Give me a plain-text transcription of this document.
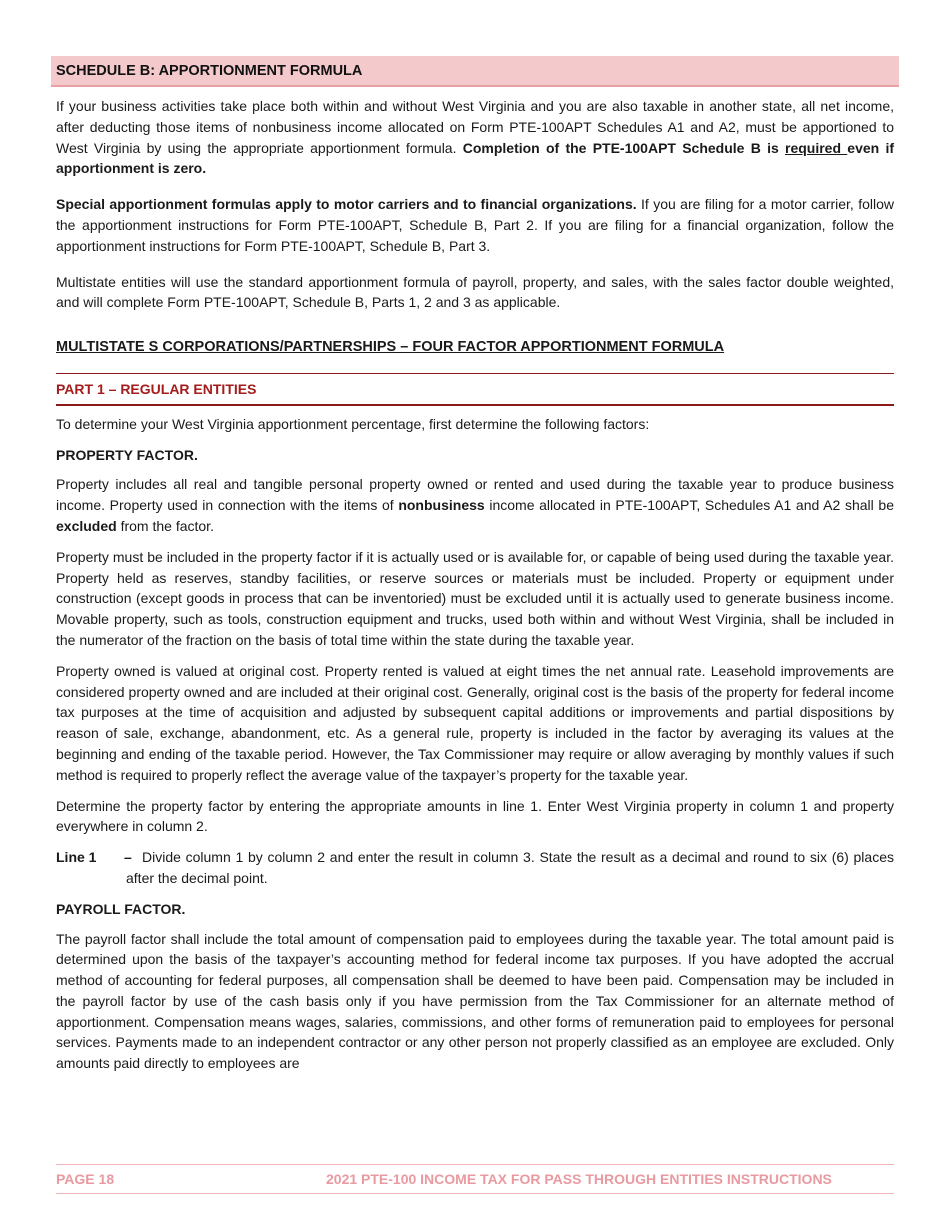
SCHEDULE B: APPORTIONMENT FORMULA

If your business activities take place both within and without West Virginia and you are also taxable in another state, all net income, after deducting those items of nonbusiness income allocated on Form PTE-100APT Schedules A1 and A2, must be apportioned to West Virginia by using the appropriate apportionment formula. Completion of the PTE-100APT Schedule B is required even if apportionment is zero.

Special apportionment formulas apply to motor carriers and to financial organizations. If you are filing for a motor carrier, follow the apportionment instructions for Form PTE-100APT, Schedule B, Part 2. If you are filing for a financial organization, follow the apportionment instructions for Form PTE-100APT, Schedule B, Part 3.

Multistate entities will use the standard apportionment formula of payroll, property, and sales, with the sales factor double weighted, and will complete Form PTE-100APT, Schedule B, Parts 1, 2 and 3 as applicable.

MULTISTATE S CORPORATIONS/PARTNERSHIPS – FOUR FACTOR APPORTIONMENT FORMULA
PART 1 – REGULAR ENTITIES

To determine your West Virginia apportionment percentage, first determine the following factors:

PROPERTY FACTOR.

Property includes all real and tangible personal property owned or rented and used during the taxable year to produce business income. Property used in connection with the items of nonbusiness income allocated in PTE-100APT, Schedules A1 and A2 shall be excluded from the factor.

Property must be included in the property factor if it is actually used or is available for, or capable of being used during the taxable year. Property held as reserves, standby facilities, or reserve sources or materials must be included. Property or equipment under construction (except goods in process that can be inventoried) must be excluded until it is actually used to generate business income. Movable property, such as tools, construction equipment and trucks, used both within and without West Virginia, shall be included in the numerator of the fraction on the basis of total time within the state during the taxable year.

Property owned is valued at original cost. Property rented is valued at eight times the net annual rate. Leasehold improvements are considered property owned and are included at their original cost. Generally, original cost is the basis of the property for federal income tax purposes at the time of acquisition and adjusted by subsequent capital additions or improvements and partial dispositions by reason of sale, exchange, abandonment, etc. As a general rule, property is included in the factor by averaging its values at the beginning and ending of the taxable period. However, the Tax Commissioner may require or allow averaging by monthly values if such method is required to properly reflect the average value of the taxpayer’s property for the taxable year.

Determine the property factor by entering the appropriate amounts in line 1. Enter West Virginia property in column 1 and property everywhere in column 2.

Line 1	– Divide column 1 by column 2 and enter the result in column 3. State the result as a decimal and round to six (6) places after the decimal point.
PAYROLL FACTOR.

The payroll factor shall include the total amount of compensation paid to employees during the taxable year. The total amount paid is determined upon the basis of the taxpayer’s accounting method for federal income tax purposes. If you have adopted the accrual method of accounting for federal purposes, all compensation shall be deemed to have been paid. Compensation may be included in the payroll factor by use of the cash basis only if you have permission from the Tax Commissioner for an alternate method of apportionment. Compensation means wages, salaries, commissions, and other forms of remuneration paid to employees for personal services. Payments made to an independent contractor or any other person not properly classified as an employee are excluded. Only amounts paid directly to employees are

PAGE 18	2021 PTE-100 INCOME TAX FOR PASS THROUGH ENTITIES INSTRUCTIONS
